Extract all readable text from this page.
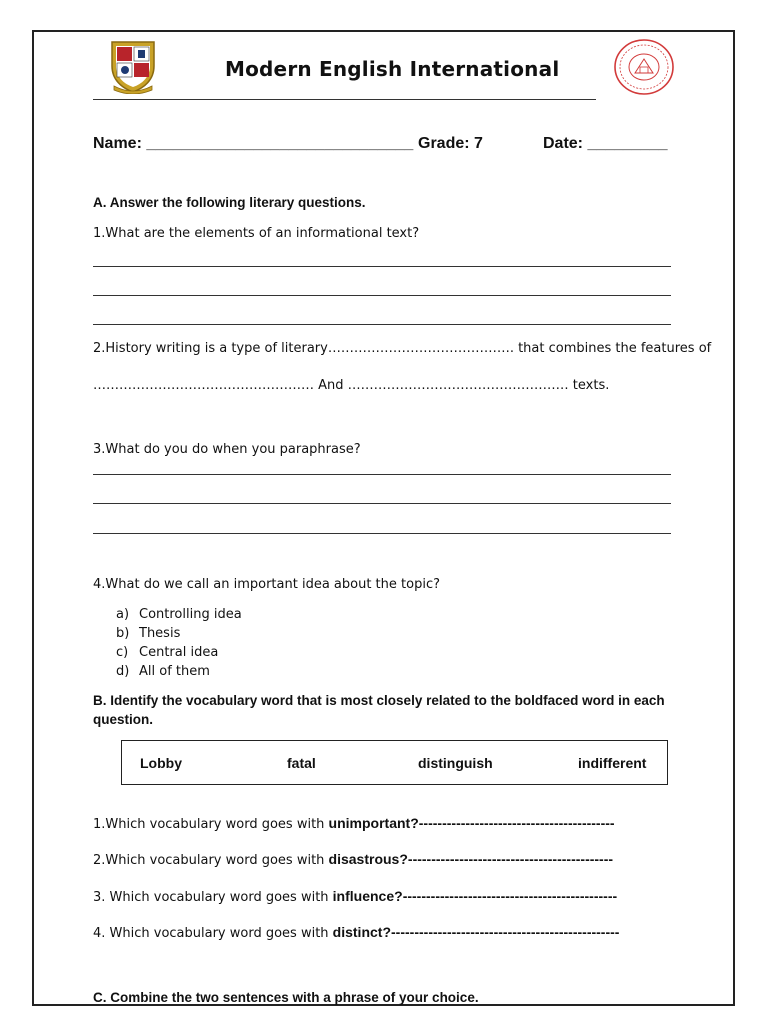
Modern English International
Name: ______________________________ Grade: 7	Date: _________
A. Answer the following literary questions.
1.What are the elements of an informational text?
2.History writing is a type of literary……………………………………. that combines the features of
…………………………………………… And …………………………………………… texts.
3.What do you do when you paraphrase?
4.What do we call an important idea about the topic?
a) Controlling idea
b) Thesis
c) Central idea
d) All of them
B. Identify the vocabulary word that is most closely related to the boldfaced word in each
question.
Lobby	fatal	distinguish	indifferent
1.Which vocabulary word goes with unimportant?------------------------------------------
2.Which vocabulary word goes with disastrous?--------------------------------------------
3. Which vocabulary word goes with influence?----------------------------------------------
4. Which vocabulary word goes with distinct?-------------------------------------------------
C. Combine the two sentences with a phrase of your choice.
